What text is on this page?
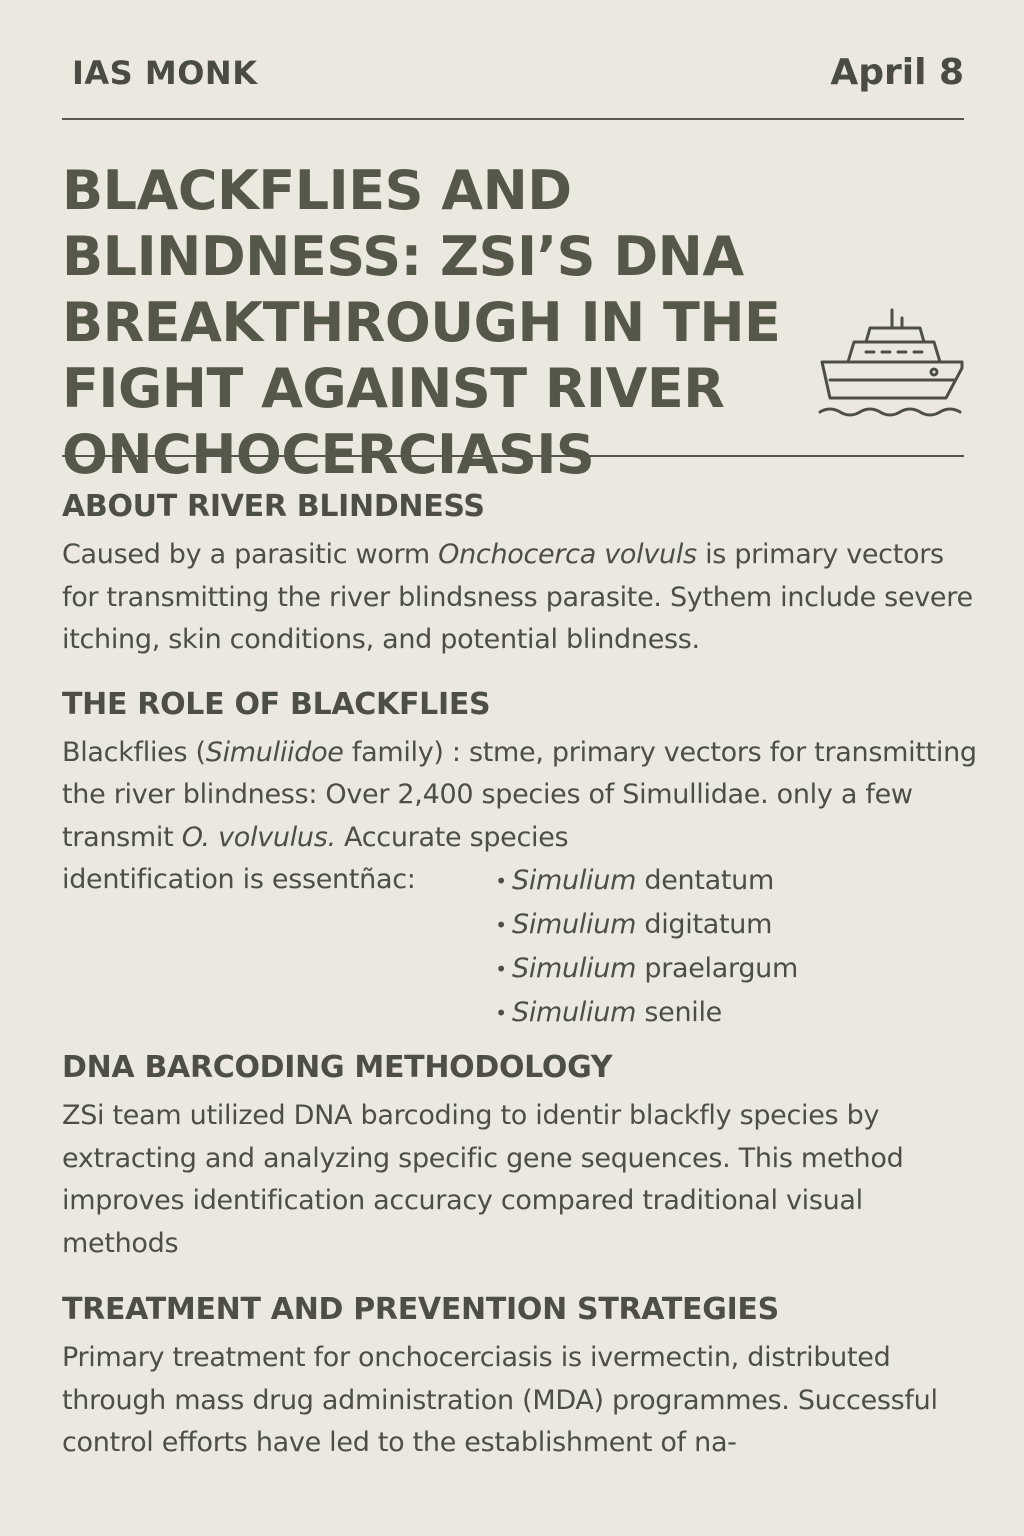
IAS MONK	April 8
BLACKFLIES AND BLINDNESS: ZSI’S DNA BREAKTHROUGH IN THE FIGHT AGAINST RIVER ONCHOCERCIASIS
ABOUT RIVER BLINDNESS

Caused by a parasitic worm Onchocerca volvuls is primary vectors for transmitting the river blindsness parasite. Sythem include severe itching, skin conditions, and potential blindness.

THE ROLE OF BLACKFLIES

Blackflies (Simuliidoe family) : stme, primary vectors for transmitting the river blindness: Over 2,400 species of Simullidae. only a few transmit O. volvulus. Accurate species

identification is essentñac:	• Simulium dentatum
• Simulium digitatum
• Simulium praelargum
• Simulium senile
DNA BARCODING METHODOLOGY

ZSi team utilized DNA barcoding to identir blackfly species by extracting and analyzing specific gene sequences. This method improves identification accuracy compared traditional visual methods

TREATMENT AND PREVENTION STRATEGIES

Primary treatment for onchocerciasis is ivermectin, distributed through mass drug administration (MDA) programmes. Successful control efforts have led to the establishment of na-
